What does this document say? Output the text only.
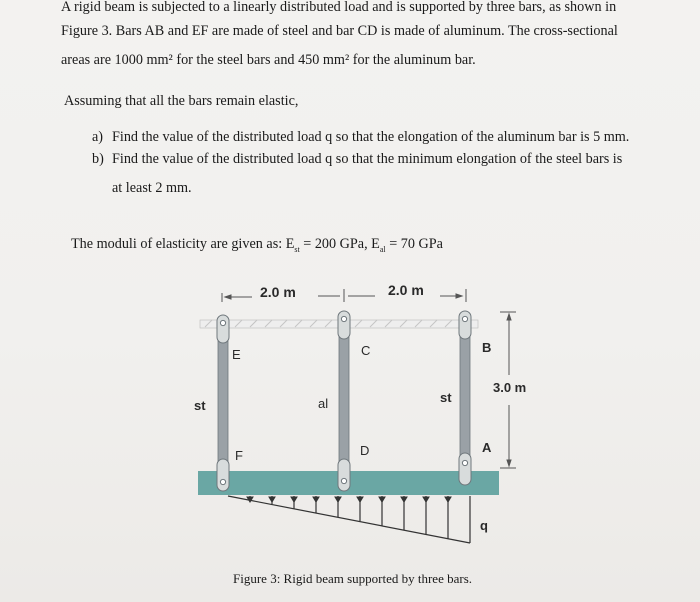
A rigid beam is subjected to a linearly distributed load and is supported by three bars, as shown in
Figure 3. Bars AB and EF are made of steel and bar CD is made of aluminum. The cross-sectional
areas are 1000 mm² for the steel bars and 450 mm² for the aluminum bar.
Assuming that all the bars remain elastic,
a) Find the value of the distributed load q so that the elongation of the aluminum bar is 5 mm.
b) Find the value of the distributed load q so that the minimum elongation of the steel bars is
at least 2 mm.
The moduli of elasticity are given as: $E_{st} = 200$ GPa, $E_{al} = 70$ GPa
2.0 m	2.0 m
3.0 m
E
F
C
D
B
A
st	al	st
q
Figure 3: Rigid beam supported by three bars.
